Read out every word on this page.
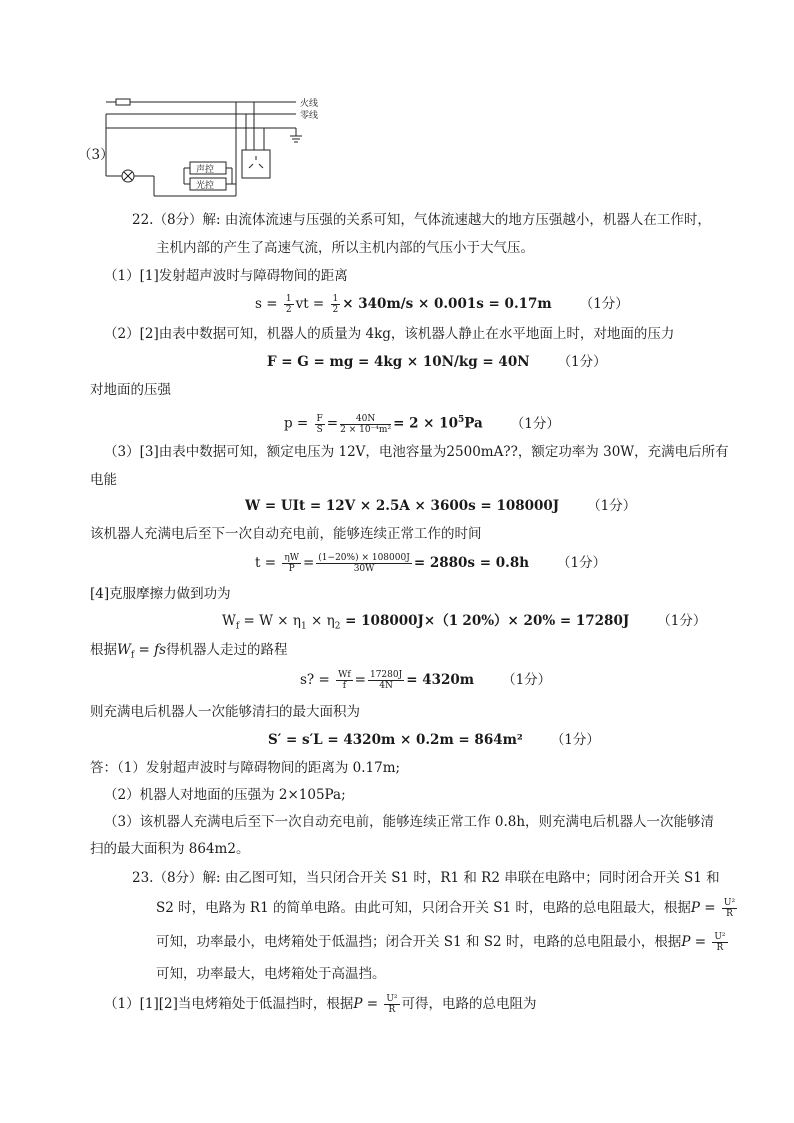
（3）
火线
零线
声控
光控
22.（8分）解: 由流体流速与压强的关系可知，气体流速越大的地方压强越小，机器人在工作时，
主机内部的产生了高速气流，所以主机内部的气压小于大气压。
（1）[1]发射超声波时与障碍物间的距离
$s = \frac{1}{2}$ vt = $\frac{1}{2} \times 340m/s \times 0.001s = 0.17m$ （1分）
（2）[2]由表中数据可知，机器人的质量为 4kg，该机器人静止在水平地面上时，对地面的压力
F = G = mg = 4kg × 10N/kg = 40N （1分）
对地面的压强
$p = \frac{F}{S} = \frac{40N}{\text{2 × 10⁻⁴m²}} = 2 \times 10^5Pa$ （1分）
（3）[3]由表中数据可知，额定电压为 12V，电池容量为2500mA??，额定功率为 30W，充满电后所有
电能
W = UIt = 12V × 2.5A × 3600s = 108000J （1分）
该机器人充满电后至下一次自动充电前，能够连续正常工作的时间
$t = \frac{\eta W}{P} = \frac{(1-20\%) \times 108000J}{30W} = 2880s = 0.8h$ （1分）
[4]克服摩擦力做到功为
$W_f = W \times \eta_1 \times \eta_2 = 108000J\times(1$ 20%）× 20% = 17280J （1分）
根据$W_f$ = fs得机器人走过的路程
s? = $\frac{Wf}{f} = \frac{17280J}{4N} = 4320m$ （1分）
则充满电后机器人一次能够清扫的最大面积为
S′ = s′L = 4320m × 0.2m = 864m² （1分）
答：（1）发射超声波时与障碍物间的距离为 0.17m;
（2）机器人对地面的压强为 2×105Pa;
（3）该机器人充满电后至下一次自动充电前，能够连续正常工作 0.8h，则充满电后机器人一次能够清
扫的最大面积为 864m2。
23.（8分）解: 由乙图可知，当只闭合开关 S1 时，R1 和 R2 串联在电路中；同时闭合开关 S1 和
S2 时，电路为 R1 的简单电路。由此可知，只闭合开关 S1 时，电路的总电阻最大，根据$P = \frac{\text{U²}}{R}$
可知，功率最小，电烤箱处于低温挡；闭合开关 S1 和 S2 时，电路的总电阻最小，根据$P = \frac{\text{U²}}{R}$
可知，功率最大，电烤箱处于高温挡。
（1）[1][2]当电烤箱处于低温挡时，根据$P = \frac{\text{U²}}{R}$ 可得，电路的总电阻为
